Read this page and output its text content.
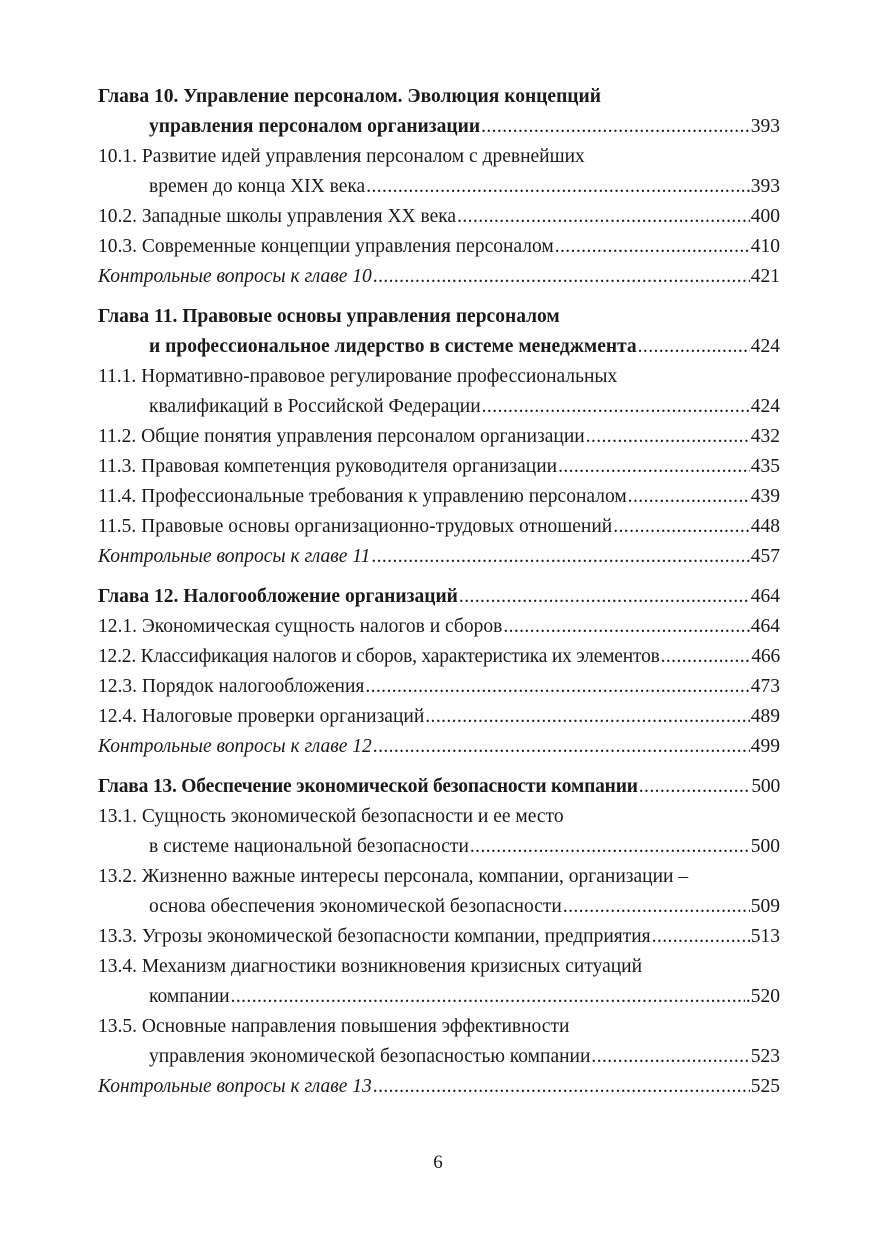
Глава 10. Управление персоналом. Эволюция концепций
управления персоналом организации .....	393
10.1. Развитие идей управления персоналом с древнейших
времен до конца XIX века .....	393
10.2. Западные школы управления XX века .....	400
10.3. Современные концепции управления персоналом .....	410
Контрольные вопросы к главе 10 .....	421
Глава 11. Правовые основы управления персоналом
и профессиональное лидерство в системе менеджмента .....	424
11.1. Нормативно-правовое регулирование профессиональных
квалификаций в Российской Федерации .....	424
11.2. Общие понятия управления персоналом организации .....	432
11.3. Правовая компетенция руководителя организации .....	435
11.4. Профессиональные требования к управлению персоналом .....	439
11.5. Правовые основы организационно-трудовых отношений .....	448
Контрольные вопросы к главе 11 .....	.457
Глава 12. Налогообложение организаций .....	464
12.1. Экономическая сущность налогов и сборов .....	464
12.2. Классификация налогов и сборов, характеристика их элементов .....	466
12.3. Порядок налогообложения .....	473
12.4. Налоговые проверки организаций .....	489
Контрольные вопросы к главе 12 .....	499
Глава 13. Обеспечение экономической безопасности компании .....	500
13.1. Сущность экономической безопасности и ее место
в системе национальной безопасности .....	500
13.2. Жизненно важные интересы персонала, компании, организации –
основа обеспечения экономической безопасности .....	509
13.3. Угрозы экономической безопасности компании, предприятия .....	513
13.4. Механизм диагностики возникновения кризисных ситуаций
компании .....	.520
13.5. Основные направления повышения эффективности
управления экономической безопасностью компании .....	523
Контрольные вопросы к главе 13 .....	525
6
